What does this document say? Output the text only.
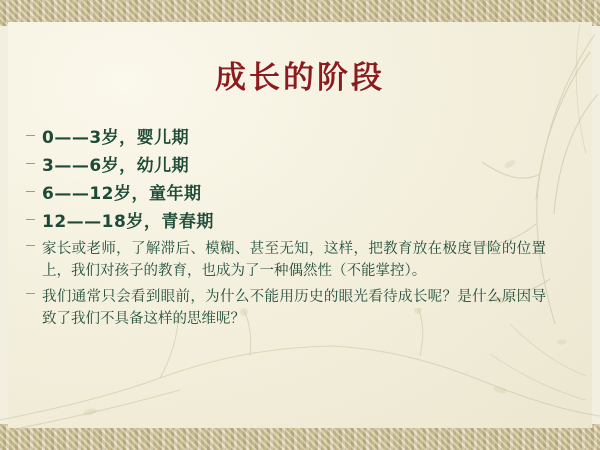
成长的阶段
0——3岁，婴儿期
3——6岁，幼儿期
6——12岁，童年期
12——18岁，青春期
家长或老师，了解滞后、模糊、甚至无知，这样，把教育放在极度冒险的位置上，我们对孩子的教育，也成为了一种偶然性（不能掌控）。
我们通常只会看到眼前，为什么不能用历史的眼光看待成长呢？是什么原因导致了我们不具备这样的思维呢？
